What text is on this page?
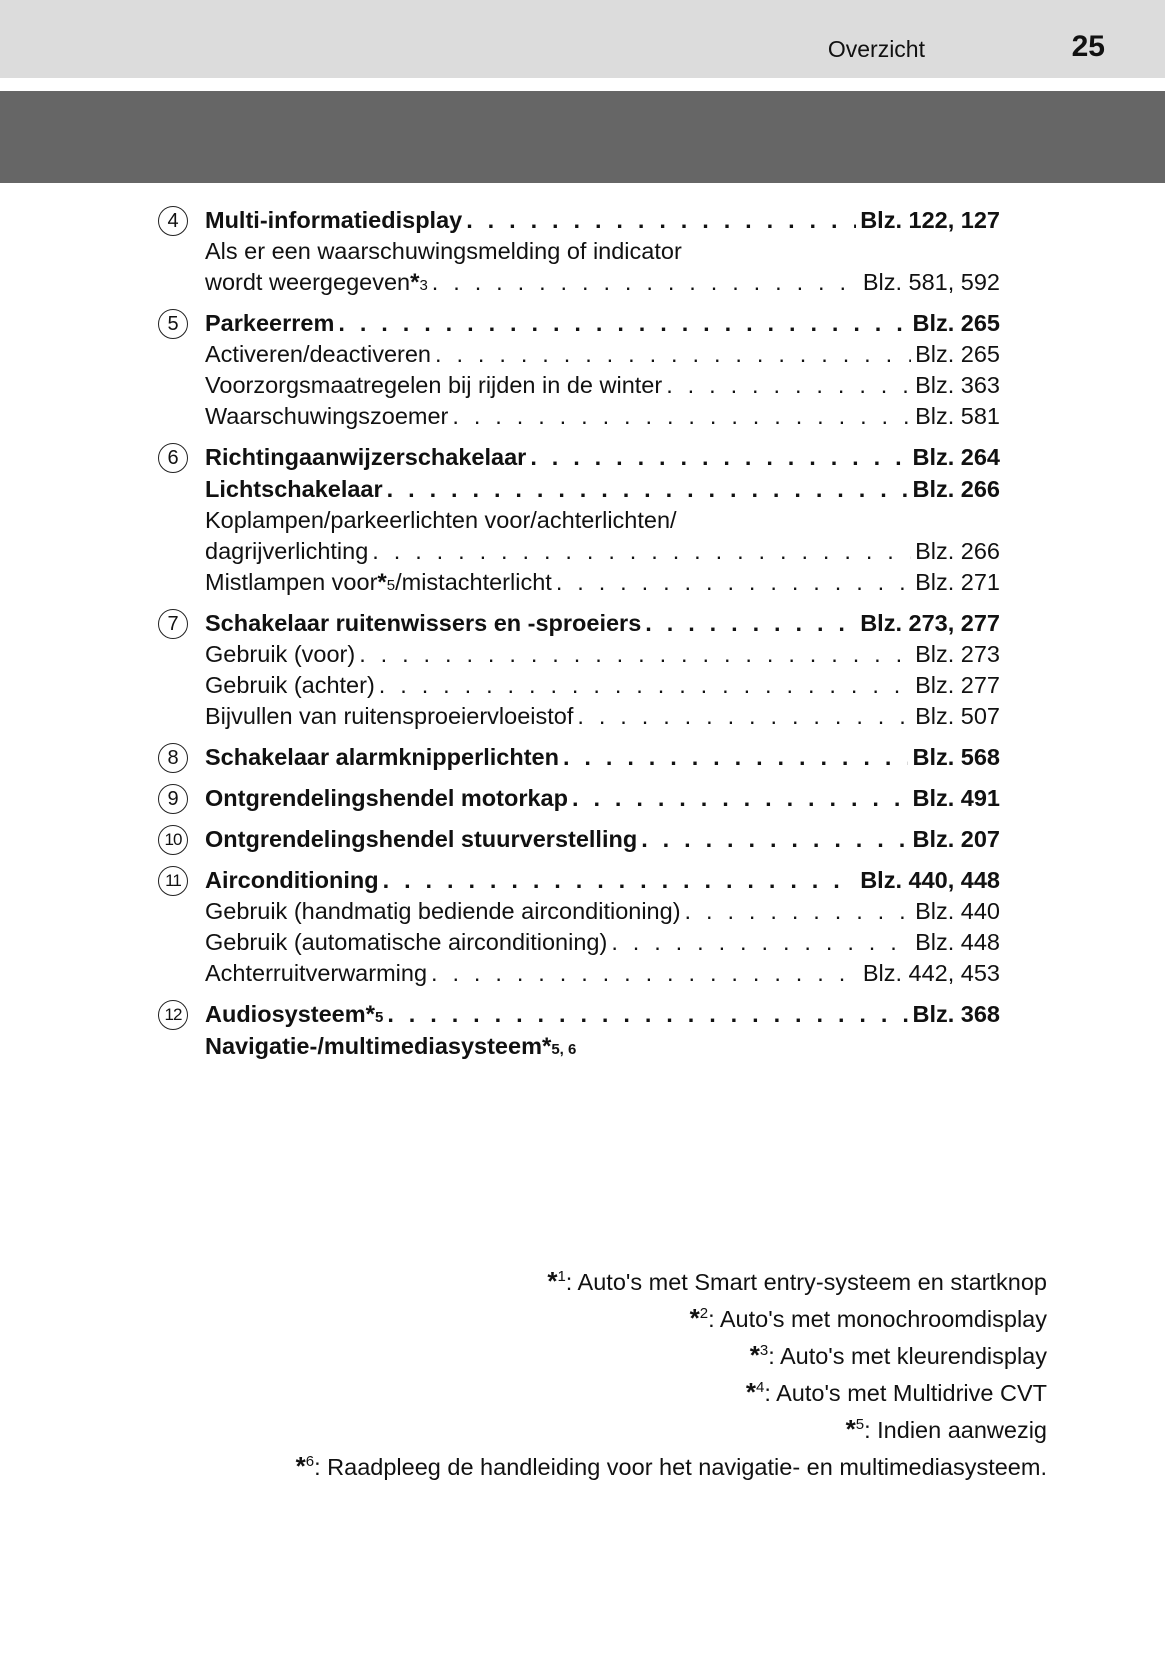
Overzicht	25
4	Multi-informatiedisplay . . .	Blz. 122, 127
Als er een waarschuwingsmelding of indicator
wordt weergegeven * 3 . . .	Blz. 581, 592
5	Parkeerrem . . .	Blz. 265
Activeren/deactiveren . . .	Blz. 265
Voorzorgsmaatregelen bij rijden in de winter . . .	Blz. 363
Waarschuwingszoemer . . .	Blz. 581
6	Richtingaanwijzerschakelaar . . .	Blz. 264
Lichtschakelaar . . .	Blz. 266
Koplampen/parkeerlichten voor/achterlichten/
dagrijverlichting . . .	Blz. 266
Mistlampen voor * 5 /mistachterlicht . . .	Blz. 271
7	Schakelaar ruitenwissers en -sproeiers . . .	Blz. 273, 277
Gebruik (voor) . . .	Blz. 273
Gebruik (achter) . . .	Blz. 277
Bijvullen van ruitensproeiervloeistof . . .	Blz. 507
8	Schakelaar alarmknipperlichten . . .	Blz. 568
9	Ontgrendelingshendel motorkap . . .	Blz. 491
10 Ontgrendelingshendel stuurverstelling . . .	Blz. 207
11	Airconditioning . . .	Blz. 440, 448
Gebruik (handmatig bediende airconditioning) . . .	Blz. 440
Gebruik (automatische airconditioning) . . .	Blz. 448
Achterruitverwarming . . .	Blz. 442, 453
12 Audiosysteem * 5 . . .	Blz. 368
Navigatie-/multimediasysteem * 5, 6
*$^1$: Auto's met Smart entry-systeem en startknop
*$^2$: Auto's met monochroomdisplay
*$^3$: Auto's met kleurendisplay
*$^4$: Auto's met Multidrive CVT
*$^5$: Indien aanwezig
*$^6$: Raadpleeg de handleiding voor het navigatie- en multimediasysteem.
